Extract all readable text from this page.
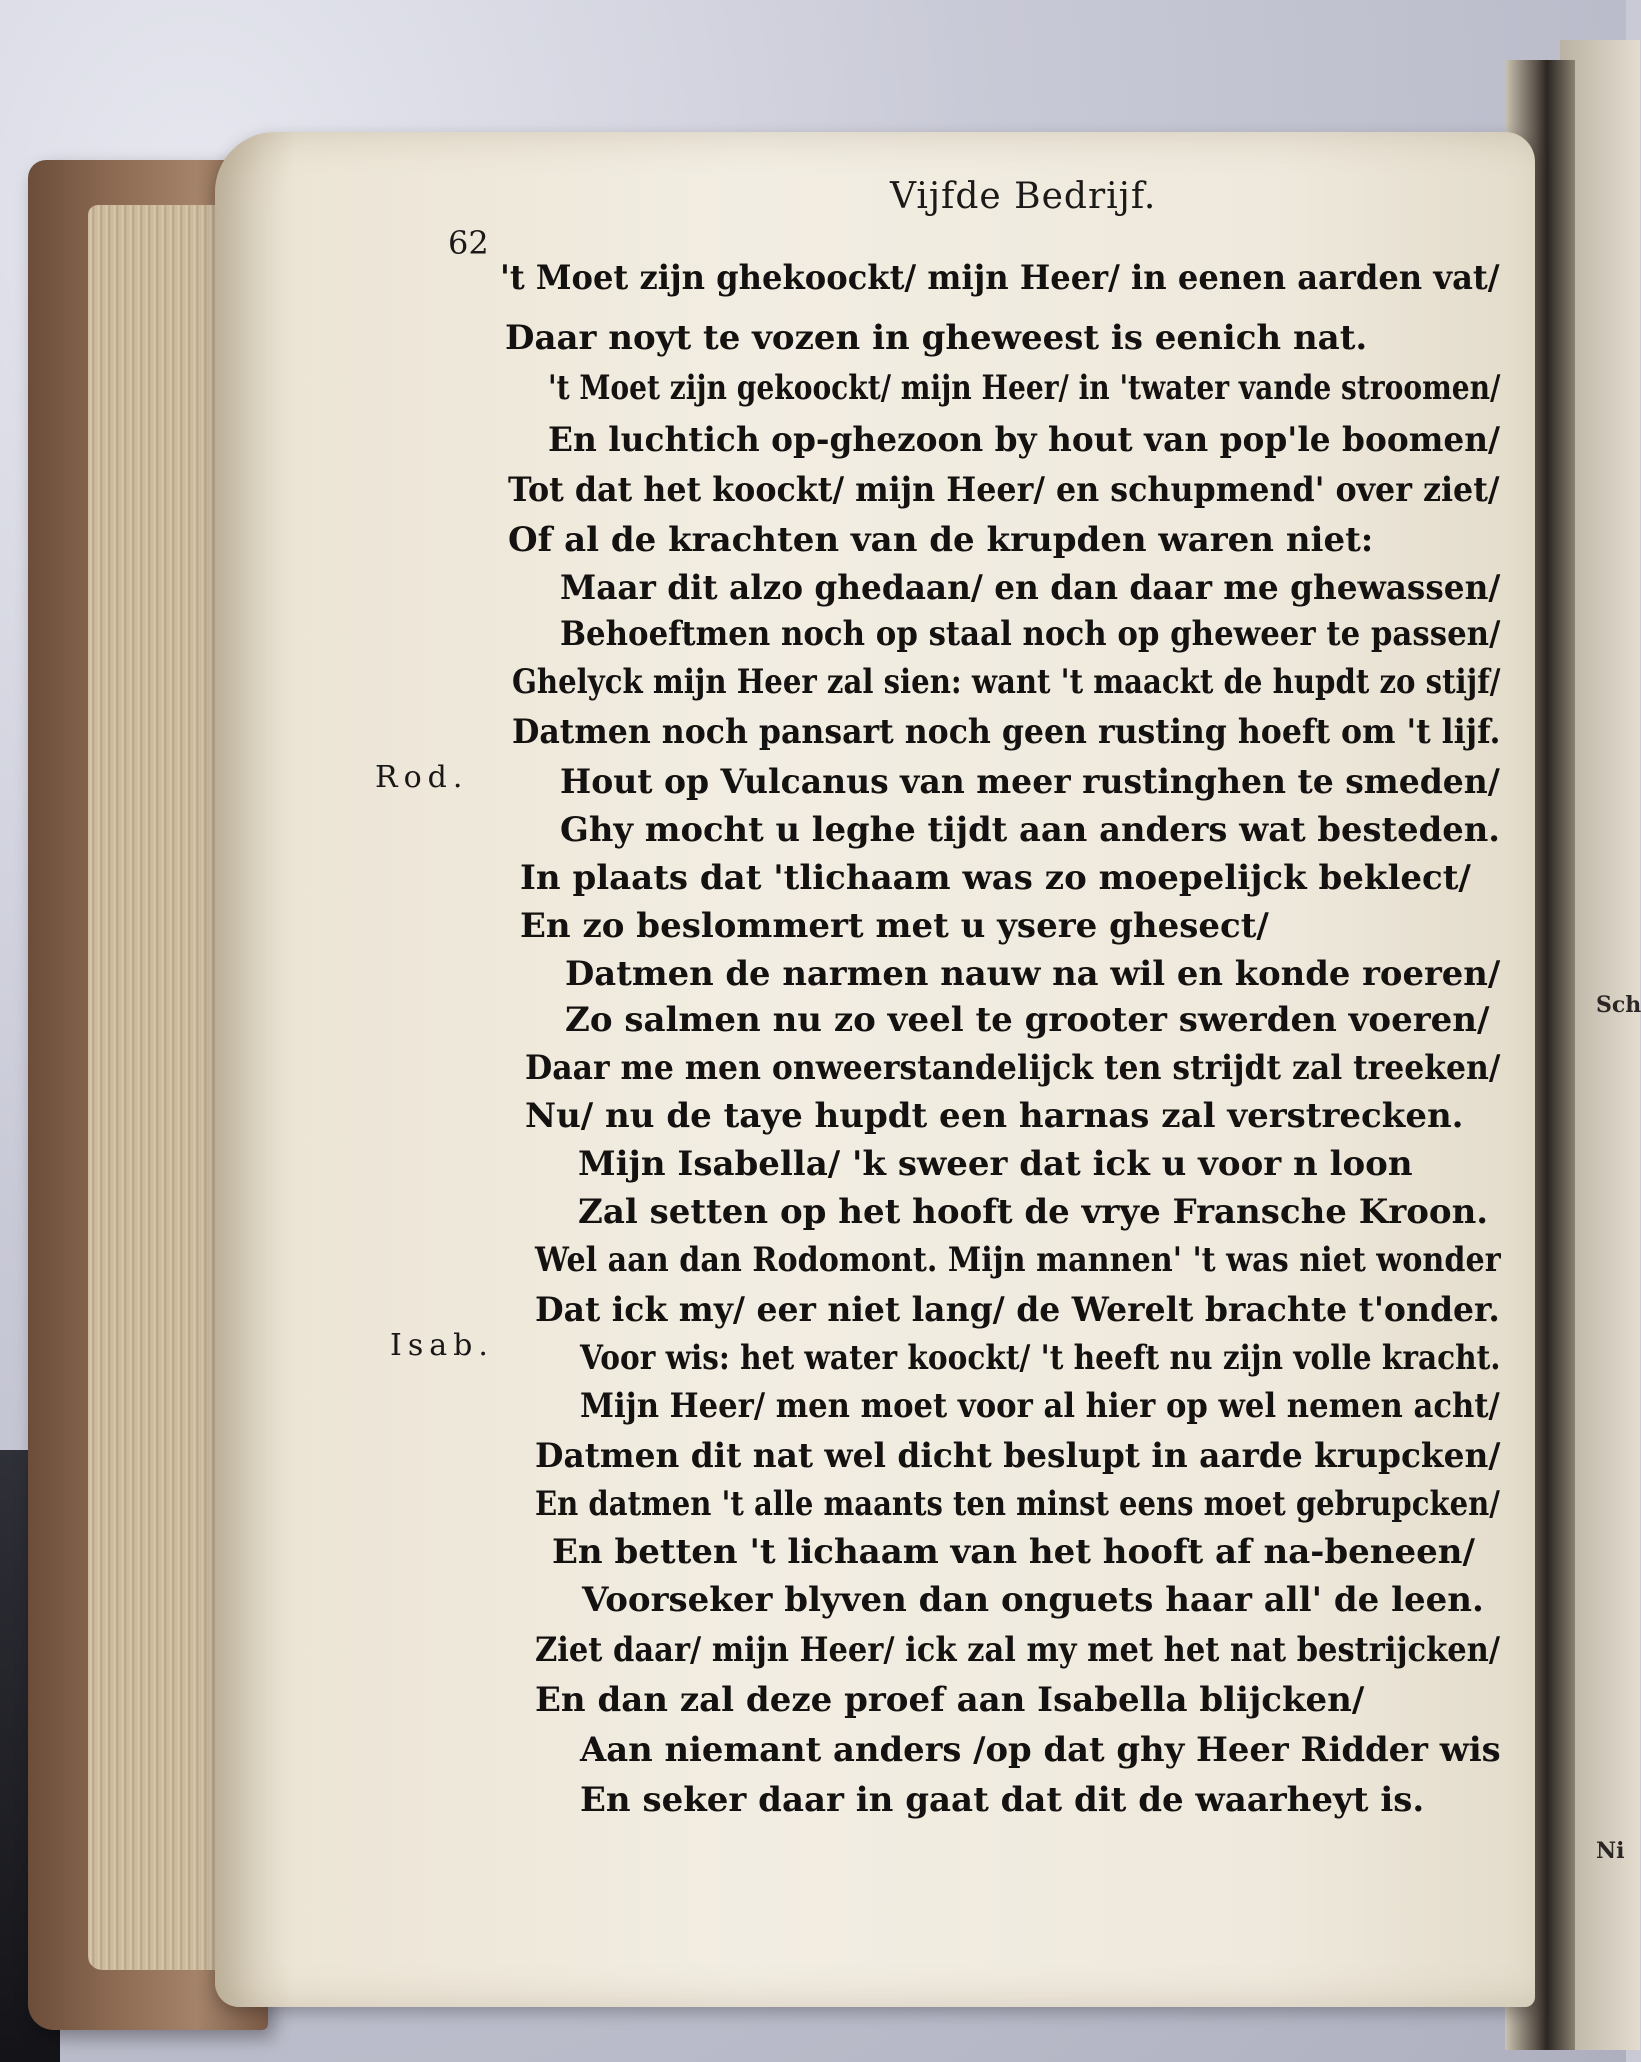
Vijfde Bedrijf.
62
Rod.
Isab.
't Moet zijn ghekoockt/ mijn Heer/ in eenen aarden vat/
Daar noyt te vozen in gheweest is eenich nat.
't Moet zijn gekoockt/ mijn Heer/ in 'twater vande stroomen/
En luchtich op-ghezoon by hout van pop'le boomen/
Tot dat het koockt/ mijn Heer/ en schupmend' over ziet/
Of al de krachten van de krupden waren niet:
Maar dit alzo ghedaan/ en dan daar me ghewassen/
Behoeftmen noch op staal noch op gheweer te passen/
Ghelyck mijn Heer zal sien: want 't maackt de hupdt zo stijf/
Datmen noch pansart noch geen rusting hoeft om 't lijf.
Hout op Vulcanus van meer rustinghen te smeden/
Ghy mocht u leghe tijdt aan anders wat besteden.
In plaats dat 'tlichaam was zo moepelijck beklect/
En zo beslommert met u ysere ghesect/
Datmen de narmen nauw na wil en konde roeren/
Zo salmen nu zo veel te grooter swerden voeren/
Daar me men onweerstandelijck ten strijdt zal treeken/
Nu/ nu de taye hupdt een harnas zal verstrecken.
Mijn Isabella/ 'k sweer dat ick u voor n loon
Zal setten op het hooft de vrye Fransche Kroon.
Wel aan dan Rodomont. Mijn mannen' 't was niet wonder
Dat ick my/ eer niet lang/ de Werelt brachte t'onder.
Voor wis: het water koockt/ 't heeft nu zijn volle kracht.
Mijn Heer/ men moet voor al hier op wel nemen acht/
Datmen dit nat wel dicht beslupt in aarde krupcken/
En datmen 't alle maants ten minst eens moet gebrupcken/
En betten 't lichaam van het hooft af na-beneen/
Voorseker blyven dan onguets haar all' de leen.
Ziet daar/ mijn Heer/ ick zal my met het nat bestrijcken/
En dan zal deze proef aan Isabella blijcken/
Aan niemant anders /op dat ghy Heer Ridder wis
En seker daar in gaat dat dit de waarheyt is.
Sch
Ni
